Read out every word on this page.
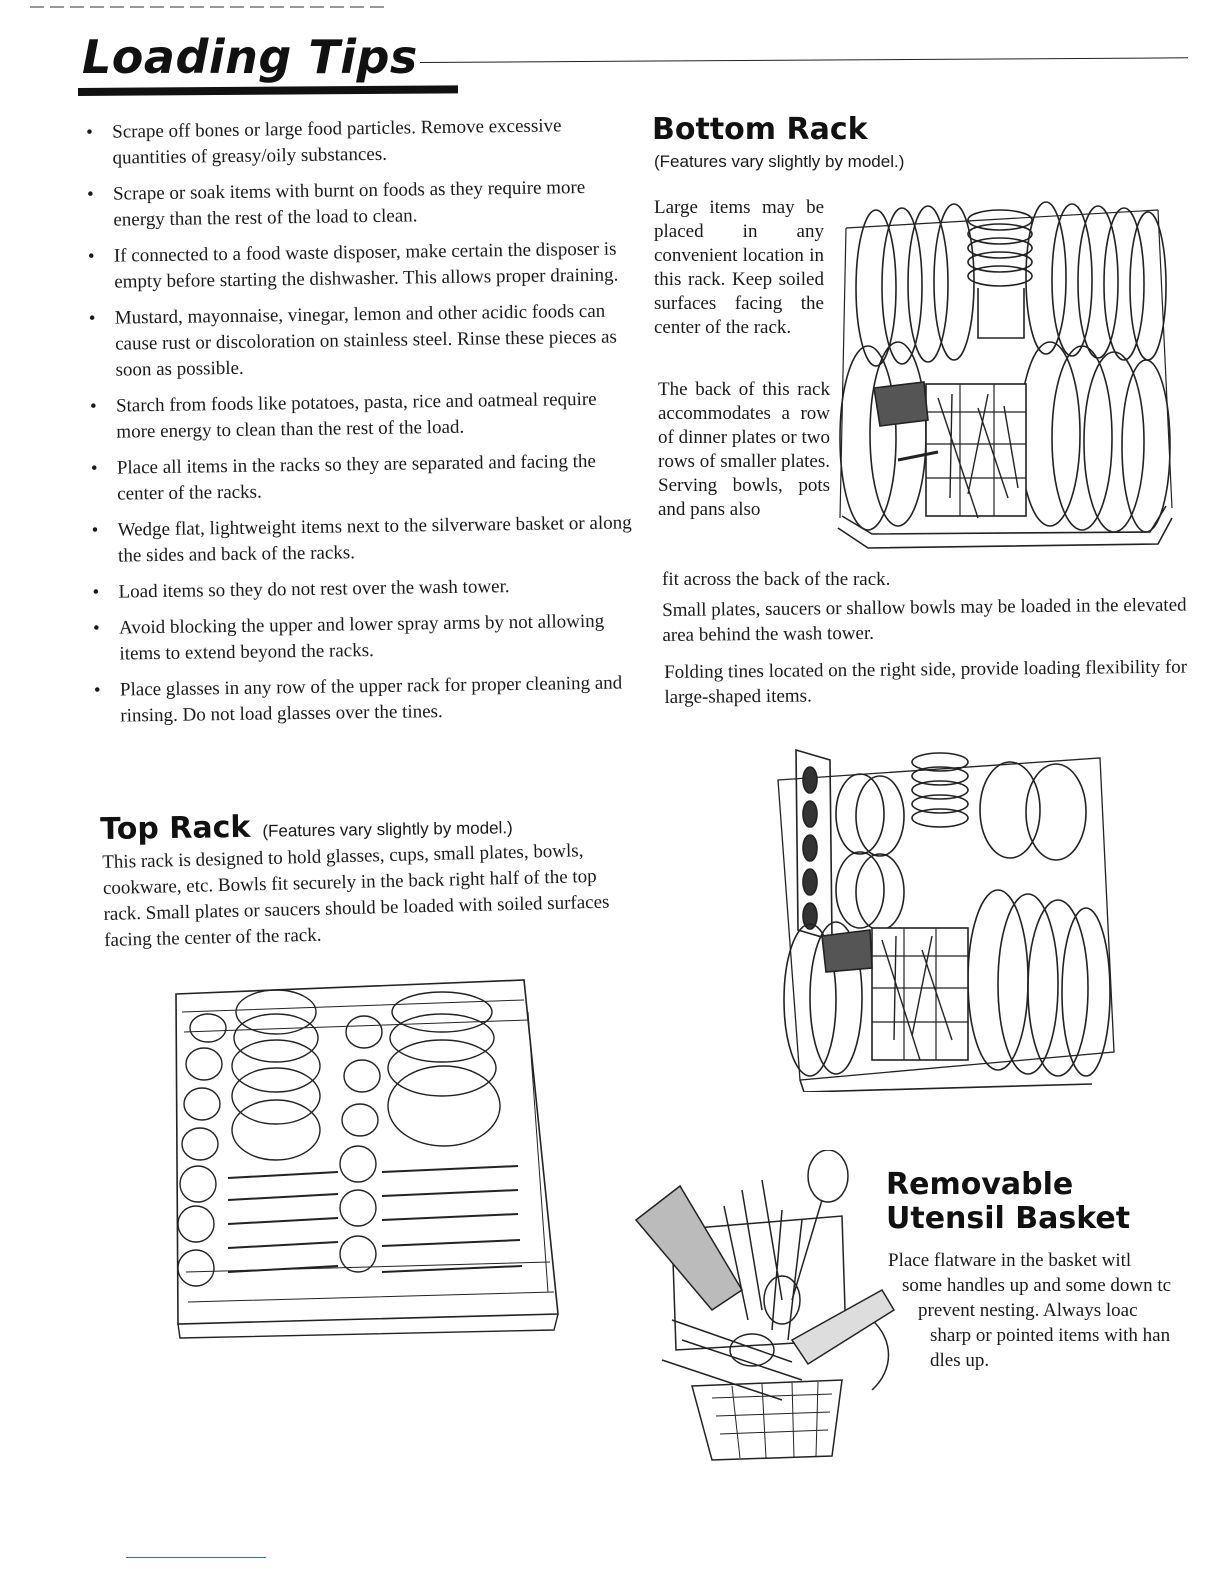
Loading Tips
• Scrape off bones or large food particles. Remove excessive quantities of greasy/oily substances.
• Scrape or soak items with burnt on foods as they require more energy than the rest of the load to clean.
• If connected to a food waste disposer, make certain the disposer is empty before starting the dishwasher. This allows proper draining.
• Mustard, mayonnaise, vinegar, lemon and other acidic foods can cause rust or discoloration on stainless steel. Rinse these pieces as soon as possible.
• Starch from foods like potatoes, pasta, rice and oatmeal require more energy to clean than the rest of the load.
• Place all items in the racks so they are separated and facing the center of the racks.
• Wedge flat, lightweight items next to the silverware basket or along the sides and back of the racks.
• Load items so they do not rest over the wash tower.
• Avoid blocking the upper and lower spray arms by not allowing items to extend beyond the racks.
• Place glasses in any row of the upper rack for proper cleaning and rinsing. Do not load glasses over the tines.
Bottom Rack
(Features vary slightly by model.)

Large items may be placed in any convenient location in this rack. Keep soiled surfaces facing the center of the rack.

The back of this rack accommodates a row of dinner plates or two rows of smaller plates. Serving bowls, pots and pans also

fit across the back of the rack.

Small plates, saucers or shallow bowls may be loaded in the elevated area behind the wash tower.

Folding tines located on the right side, provide loading flexibility for large-shaped items.

Top Rack (Features vary slightly by model.)

This rack is designed to hold glasses, cups, small plates, bowls, cookware, etc. Bowls fit securely in the back right half of the top rack. Small plates or saucers should be loaded with soiled surfaces facing the center of the rack.

Removable
Utensil Basket
Place flatware in the basket witl
some handles up and some down tc
prevent nesting. Always loac
sharp or pointed items with han
dles up.
